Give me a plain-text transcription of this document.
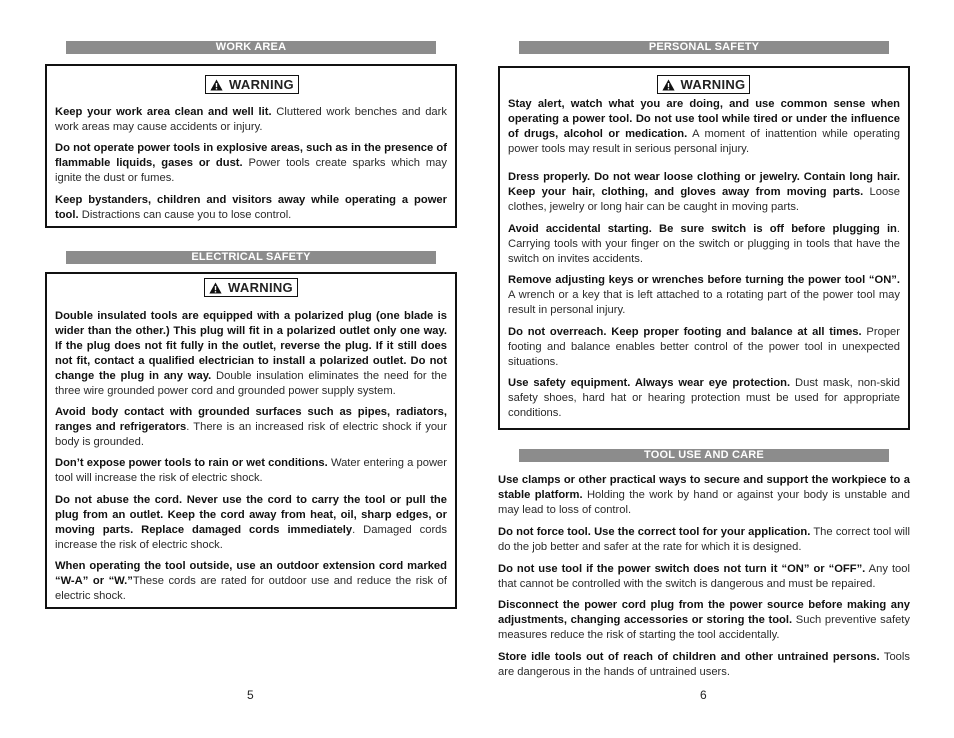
WORK AREA
WARNING
Keep your work area clean and well lit. Cluttered work benches and dark work areas may cause accidents or injury.
Do not operate power tools in explosive areas, such as in the presence of flammable liquids, gases or dust. Power tools create sparks which may ignite the dust or fumes.
Keep bystanders, children and visitors away while operating a power tool. Distractions can cause you to lose control.
ELECTRICAL SAFETY
WARNING
Double insulated tools are equipped with a polarized plug (one blade is wider than the other.) This plug will fit in a polarized outlet only one way. If the plug does not fit fully in the outlet, reverse the plug. If it still does not fit, contact a qualified electrician to install a polarized outlet. Do not change the plug in any way. Double insulation eliminates the need for the three wire grounded power cord and grounded power supply system.
Avoid body contact with grounded surfaces such as pipes, radiators, ranges and refrigerators. There is an increased risk of electric shock if your body is grounded.
Don’t expose power tools to rain or wet conditions. Water entering a power tool will increase the risk of electric shock.
Do not abuse the cord. Never use the cord to carry the tool or pull the plug from an outlet. Keep the cord away from heat, oil, sharp edges, or moving parts. Replace damaged cords immediately. Damaged cords increase the risk of electric shock.
When operating the tool outside, use an outdoor extension cord marked “W-A” or “W.”These cords are rated for outdoor use and reduce the risk of electric shock.
5
PERSONAL SAFETY
WARNING
Stay alert, watch what you are doing, and use common sense when operating a power tool. Do not use tool while tired or under the influence of drugs, alcohol or medication. A moment of inattention while operating power tools may result in serious personal injury.
Dress properly. Do not wear loose clothing or jewelry. Contain long hair. Keep your hair, clothing, and gloves away from moving parts. Loose clothes, jewelry or long hair can be caught in moving parts.
Avoid accidental starting. Be sure switch is off before plugging in. Carrying tools with your finger on the switch or plugging in tools that have the switch on invites accidents.
Remove adjusting keys or wrenches before turning the power tool “ON”. A wrench or a key that is left attached to a rotating part of the power tool may result in personal injury.
Do not overreach. Keep proper footing and balance at all times. Proper footing and balance enables better control of the power tool in unexpected situations.
Use safety equipment. Always wear eye protection. Dust mask, non-skid safety shoes, hard hat or hearing protection must be used for appropriate conditions.
TOOL USE AND CARE
Use clamps or other practical ways to secure and support the workpiece to a stable platform. Holding the work by hand or against your body is unstable and may lead to loss of control.
Do not force tool. Use the correct tool for your application. The correct tool will do the job better and safer at the rate for which it is designed.
Do not use tool if the power switch does not turn it “ON” or “OFF”. Any tool that cannot be controlled with the switch is dangerous and must be repaired.
Disconnect the power cord plug from the power source before making any adjustments, changing accessories or storing the tool. Such preventive safety measures reduce the risk of starting the tool accidentally.
Store idle tools out of reach of children and other untrained persons. Tools are dangerous in the hands of untrained users.
6
